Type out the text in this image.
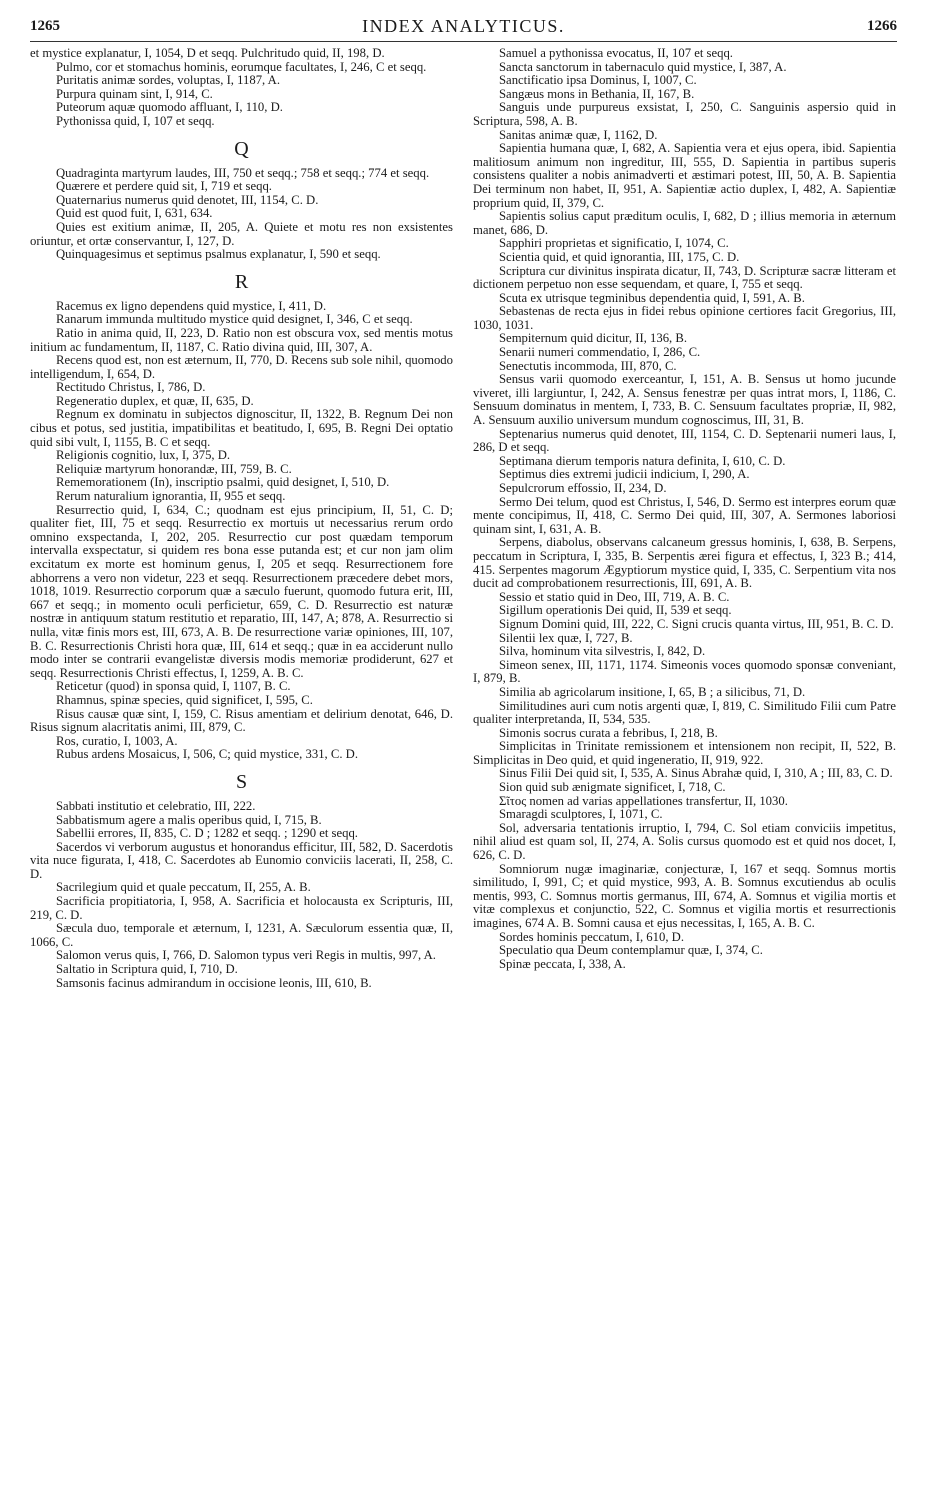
1265	INDEX ANALYTICUS.	1266

et mystice explanatur, I, 1054, D et seqq. Pulchritudo quid, II, 198, D.

Pulmo, cor et stomachus hominis, eorumque facultates, I, 246, C et seqq.

Puritatis animæ sordes, voluptas, I, 1187, A.

Purpura quinam sint, I, 914, C.

Puteorum aquæ quomodo affluant, I, 110, D.

Pythonissa quid, I, 107 et seqq.

Q

Quadraginta martyrum laudes, III, 750 et seqq.; 758 et seqq.; 774 et seqq.

Quærere et perdere quid sit, I, 719 et seqq.

Quaternarius numerus quid denotet, III, 1154, C. D.

Quid est quod fuit, I, 631, 634.

Quies est exitium animæ, II, 205, A. Quiete et motu res non exsistentes oriuntur, et ortæ conservantur, I, 127, D.

Quinquagesimus et septimus psalmus explanatur, I, 590 et seqq.

R

Racemus ex ligno dependens quid mystice, I, 411, D.

Ranarum immunda multitudo mystice quid designet, I, 346, C et seqq.

Ratio in anima quid, II, 223, D. Ratio non est obscura vox, sed mentis motus initium ac fundamentum, II, 1187, C. Ratio divina quid, III, 307, A.

Recens quod est, non est æternum, II, 770, D. Recens sub sole nihil, quomodo intelligendum, I, 654, D.

Rectitudo Christus, I, 786, D.

Regeneratio duplex, et quæ, II, 635, D.

Regnum ex dominatu in subjectos dignoscitur, II, 1322, B. Regnum Dei non cibus et potus, sed justitia, impatibilitas et beatitudo, I, 695, B. Regni Dei optatio quid sibi vult, I, 1155, B. C et seqq.

Religionis cognitio, lux, I, 375, D.

Reliquiæ martyrum honorandæ, III, 759, B. C.

Rememorationem (In), inscriptio psalmi, quid designet, I, 510, D.

Rerum naturalium ignorantia, II, 955 et seqq.

Resurrectio quid, I, 634, C.; quodnam est ejus principium, II, 51, C. D; qualiter fiet, III, 75 et seqq. Resurrectio ex mortuis ut necessarius rerum ordo omnino exspectanda, I, 202, 205. Resurrectio cur post quædam temporum intervalla exspectatur, si quidem res bona esse putanda est; et cur non jam olim excitatum ex morte est hominum genus, I, 205 et seqq. Resurrectionem fore abhorrens a vero non videtur, 223 et seqq. Resurrectionem præcedere debet mors, 1018, 1019. Resurrectio corporum quæ a sæculo fuerunt, quomodo futura erit, III, 667 et seqq.; in momento oculi perficietur, 659, C. D. Resurrectio est naturæ nostræ in antiquum statum restitutio et reparatio, III, 147, A; 878, A. Resurrectio si nulla, vitæ finis mors est, III, 673, A. B. De resurrectione variæ opiniones, III, 107, B. C. Resurrectionis Christi hora quæ, III, 614 et seqq.; quæ in ea acciderunt nullo modo inter se contrarii evangelistæ diversis modis memoriæ prodiderunt, 627 et seqq. Resurrectionis Christi effectus, I, 1259, A. B. C.

Reticetur (quod) in sponsa quid, I, 1107, B. C.

Rhamnus, spinæ species, quid significet, I, 595, C.

Risus causæ quæ sint, I, 159, C. Risus amentiam et delirium denotat, 646, D. Risus signum alacritatis animi, III, 879, C.

Ros, curatio, I, 1003, A.

Rubus ardens Mosaicus, I, 506, C; quid mystice, 331, C. D.

S

Sabbati institutio et celebratio, III, 222.

Sabbatismum agere a malis operibus quid, I, 715, B.

Sabellii errores, II, 835, C. D ; 1282 et seqq. ; 1290 et seqq.

Sacerdos vi verborum augustus et honorandus efficitur, III, 582, D. Sacerdotis vita nuce figurata, I, 418, C. Sacerdotes ab Eunomio conviciis lacerati, II, 258, C. D.

Sacrilegium quid et quale peccatum, II, 255, A. B.

Sacrificia propitiatoria, I, 958, A. Sacrificia et holocausta ex Scripturis, III, 219, C. D.

Sæcula duo, temporale et æternum, I, 1231, A. Sæculorum essentia quæ, II, 1066, C.

Salomon verus quis, I, 766, D. Salomon typus veri Regis in multis, 997, A.

Saltatio in Scriptura quid, I, 710, D.

Samsonis facinus admirandum in occisione leonis, III, 610, B.

Samuel a pythonissa evocatus, II, 107 et seqq.

Sancta sanctorum in tabernaculo quid mystice, I, 387, A.

Sanctificatio ipsa Dominus, I, 1007, C.

Sangæus mons in Bethania, II, 167, B.

Sanguis unde purpureus exsistat, I, 250, C. Sanguinis aspersio quid in Scriptura, 598, A. B.

Sanitas animæ quæ, I, 1162, D.

Sapientia humana quæ, I, 682, A. Sapientia vera et ejus opera, ibid. Sapientia malitiosum animum non ingreditur, III, 555, D. Sapientia in partibus superis consistens qualiter a nobis animadverti et æstimari potest, III, 50, A. B. Sapientia Dei terminum non habet, II, 951, A. Sapientiæ actio duplex, I, 482, A. Sapientiæ proprium quid, II, 379, C.

Sapientis solius caput præditum oculis, I, 682, D ; illius memoria in æternum manet, 686, D.

Sapphiri proprietas et significatio, I, 1074, C.

Scientia quid, et quid ignorantia, III, 175, C. D.

Scriptura cur divinitus inspirata dicatur, II, 743, D. Scripturæ sacræ litteram et dictionem perpetuo non esse sequendam, et quare, I, 755 et seqq.

Scuta ex utrisque tegminibus dependentia quid, I, 591, A. B.

Sebastenas de recta ejus in fidei rebus opinione certiores facit Gregorius, III, 1030, 1031.

Sempiternum quid dicitur, II, 136, B.

Senarii numeri commendatio, I, 286, C.

Senectutis incommoda, III, 870, C.

Sensus varii quomodo exerceantur, I, 151, A. B. Sensus ut homo jucunde viveret, illi largiuntur, I, 242, A. Sensus fenestræ per quas intrat mors, I, 1186, C. Sensuum dominatus in mentem, I, 733, B. C. Sensuum facultates propriæ, II, 982, A. Sensuum auxilio universum mundum cognoscimus, III, 31, B.

Septenarius numerus quid denotet, III, 1154, C. D. Septenarii numeri laus, I, 286, D et seqq.

Septimana dierum temporis natura definita, I, 610, C. D.

Septimus dies extremi judicii indicium, I, 290, A.

Sepulcrorum effossio, II, 234, D.

Sermo Dei telum, quod est Christus, I, 546, D. Sermo est interpres eorum quæ mente concipimus, II, 418, C. Sermo Dei quid, III, 307, A. Sermones laboriosi quinam sint, I, 631, A. B.

Serpens, diabolus, observans calcaneum gressus hominis, I, 638, B. Serpens, peccatum in Scriptura, I, 335, B. Serpentis ærei figura et effectus, I, 323 B.; 414, 415. Serpentes magorum Ægyptiorum mystice quid, I, 335, C. Serpentium vita nos ducit ad comprobationem resurrectionis, III, 691, A. B.

Sessio et statio quid in Deo, III, 719, A. B. C.

Sigillum operationis Dei quid, II, 539 et seqq.

Signum Domini quid, III, 222, C. Signi crucis quanta virtus, III, 951, B. C. D.

Silentii lex quæ, I, 727, B.

Silva, hominum vita silvestris, I, 842, D.

Simeon senex, III, 1171, 1174. Simeonis voces quomodo sponsæ conveniant, I, 879, B.

Similia ab agricolarum insitione, I, 65, B ; a silicibus, 71, D.

Similitudines auri cum notis argenti quæ, I, 819, C. Similitudo Filii cum Patre qualiter interpretanda, II, 534, 535.

Simonis socrus curata a febribus, I, 218, B.

Simplicitas in Trinitate remissionem et intensionem non recipit, II, 522, B. Simplicitas in Deo quid, et quid ingeneratio, II, 919, 922.

Sinus Filii Dei quid sit, I, 535, A. Sinus Abrahæ quid, I, 310, A ; III, 83, C. D.

Sion quid sub ænigmate significet, I, 718, C.

Σῖτος nomen ad varias appellationes transfertur, II, 1030.

Smaragdi sculptores, I, 1071, C.

Sol, adversaria tentationis irruptio, I, 794, C. Sol etiam conviciis impetitus, nihil aliud est quam sol, II, 274, A. Solis cursus quomodo est et quid nos docet, I, 626, C. D.

Somniorum nugæ imaginariæ, conjecturæ, I, 167 et seqq. Somnus mortis similitudo, I, 991, C; et quid mystice, 993, A. B. Somnus excutiendus ab oculis mentis, 993, C. Somnus mortis germanus, III, 674, A. Somnus et vigilia mortis et vitæ complexus et conjunctio, 522, C. Somnus et vigilia mortis et resurrectionis imagines, 674 A. B. Somni causa et ejus necessitas, I, 165, A. B. C.

Sordes hominis peccatum, I, 610, D.

Speculatio qua Deum contemplamur quæ, I, 374, C.

Spinæ peccata, I, 338, A.
